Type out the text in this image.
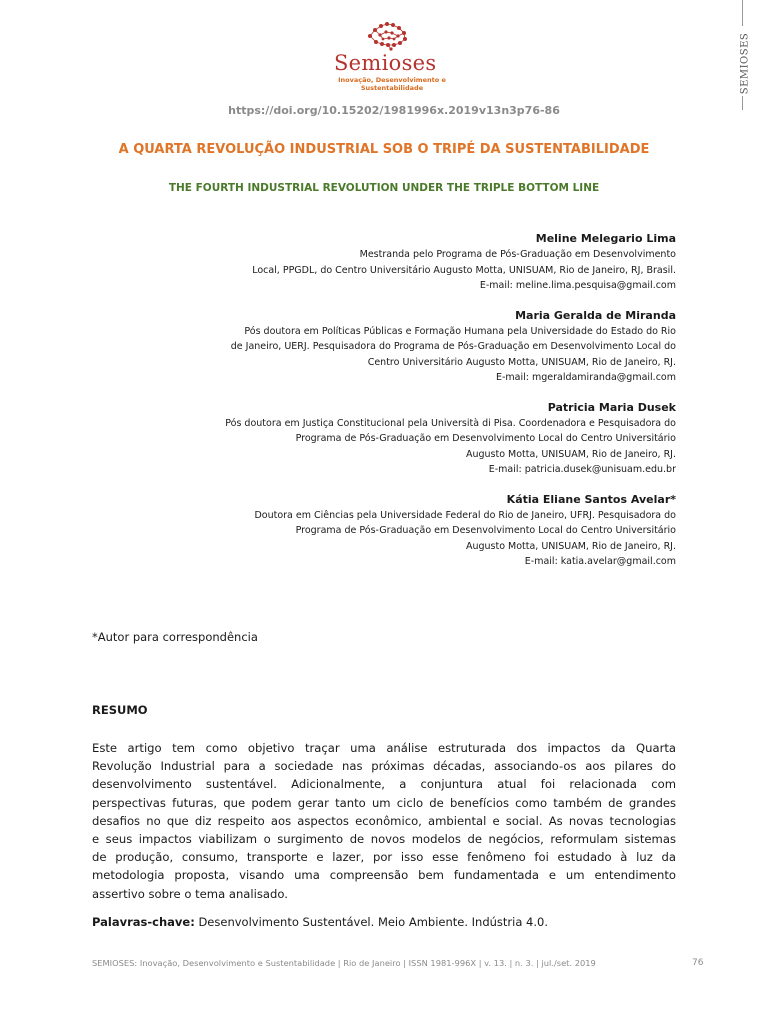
Semioses
Inovação, Desenvolvimento e Sustentabilidade	SEMIOSES
https://doi.org/10.15202/1981996x.2019v13n3p76-86
A QUARTA REVOLUÇÃO INDUSTRIAL SOB O TRIPÉ DA SUSTENTABILIDADE
THE FOURTH INDUSTRIAL REVOLUTION UNDER THE TRIPLE BOTTOM LINE
Meline Melegario Lima
Mestranda pelo Programa de Pós-Graduação em Desenvolvimento
Local, PPGDL, do Centro Universitário Augusto Motta, UNISUAM, Rio de Janeiro, RJ, Brasil.
E-mail: meline.lima.pesquisa@gmail.com
Maria Geralda de Miranda
Pós doutora em Políticas Públicas e Formação Humana pela Universidade do Estado do Rio
de Janeiro, UERJ. Pesquisadora do Programa de Pós-Graduação em Desenvolvimento Local do
Centro Universitário Augusto Motta, UNISUAM, Rio de Janeiro, RJ.
E-mail: mgeraldamiranda@gmail.com
Patricia Maria Dusek
Pós doutora em Justiça Constitucional pela Università di Pisa. Coordenadora e Pesquisadora do
Programa de Pós-Graduação em Desenvolvimento Local do Centro Universitário
Augusto Motta, UNISUAM, Rio de Janeiro, RJ.
E-mail: patricia.dusek@unisuam.edu.br
Kátia Eliane Santos Avelar*
Doutora em Ciências pela Universidade Federal do Rio de Janeiro, UFRJ. Pesquisadora do
Programa de Pós-Graduação em Desenvolvimento Local do Centro Universitário
Augusto Motta, UNISUAM, Rio de Janeiro, RJ.
E-mail: katia.avelar@gmail.com
*Autor para correspondência
RESUMO
Este artigo tem como objetivo traçar uma análise estruturada dos impactos da Quarta
Revolução Industrial para a sociedade nas próximas décadas, associando-os aos pilares do
desenvolvimento sustentável. Adicionalmente, a conjuntura atual foi relacionada com
perspectivas futuras, que podem gerar tanto um ciclo de benefícios como também de grandes
desafios no que diz respeito aos aspectos econômico, ambiental e social. As novas tecnologias
e seus impactos viabilizam o surgimento de novos modelos de negócios, reformulam sistemas
de produção, consumo, transporte e lazer, por isso esse fenômeno foi estudado à luz da
metodologia proposta, visando uma compreensão bem fundamentada e um entendimento
assertivo sobre o tema analisado.
Palavras-chave: Desenvolvimento Sustentável. Meio Ambiente. Indústria 4.0.
SEMIOSES: Inovação, Desenvolvimento e Sustentabilidade | Rio de Janeiro | ISSN 1981-996X | v. 13. | n. 3. | jul./set. 2019	76
